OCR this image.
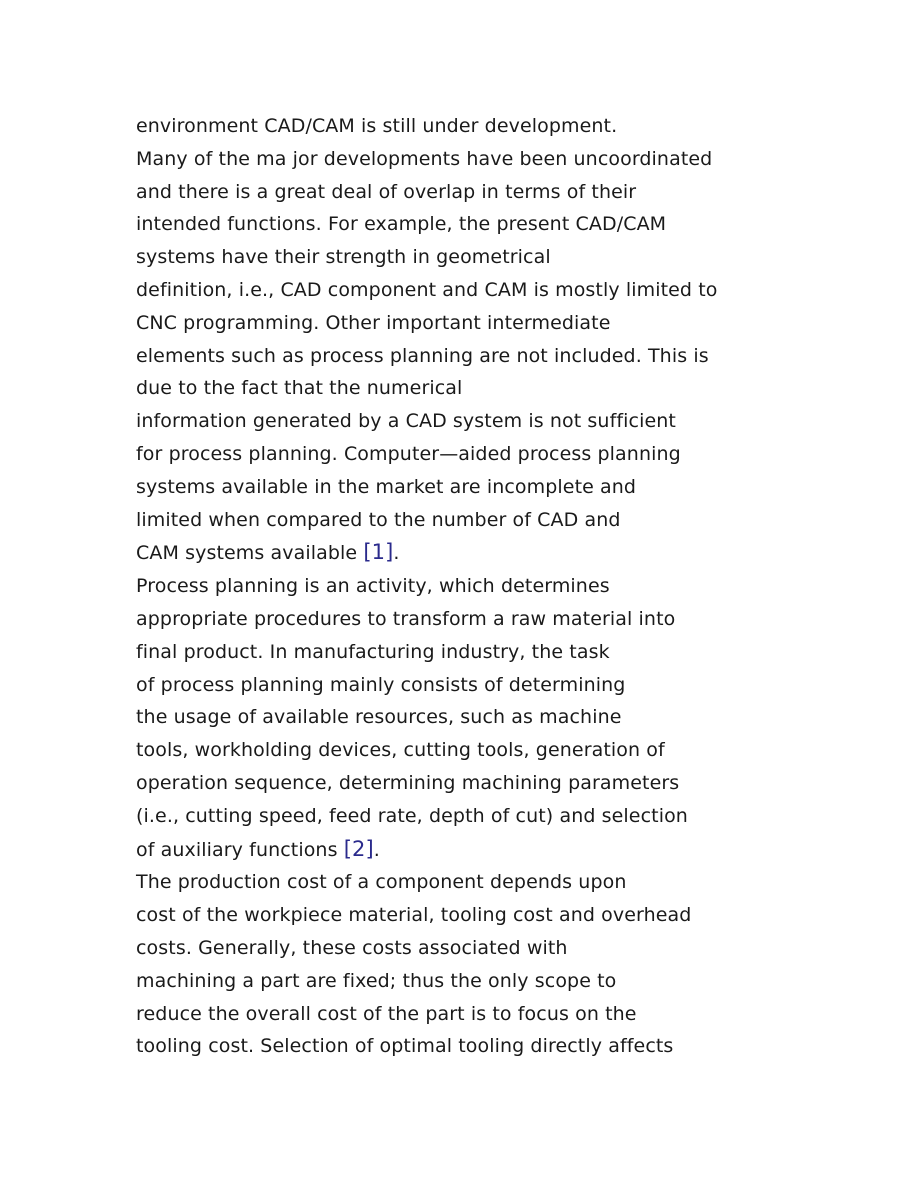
environment CAD/CAM is still under development.
Many of the ma jor developments have been uncoordinated
and there is a great deal of overlap in terms of their
intended functions. For example, the present CAD/CAM
systems have their strength in geometrical
definition, i.e., CAD component and CAM is mostly limited to
CNC programming. Other important intermediate
elements such as process planning are not included. This is
due to the fact that the numerical
information generated by a CAD system is not sufficient
for process planning. Computer—aided process planning
systems available in the market are incomplete and
limited when compared to the number of CAD and
CAM systems available [1].
Process planning is an activity, which determines
appropriate procedures to transform a raw material into
final product. In manufacturing industry, the task
of process planning mainly consists of determining
the usage of available resources, such as machine
tools, workholding devices, cutting tools, generation of
operation sequence, determining machining parameters
(i.e., cutting speed, feed rate, depth of cut) and selection
of auxiliary functions [2].
The production cost of a component depends upon
cost of the workpiece material, tooling cost and overhead
costs. Generally, these costs associated with
machining a part are fixed; thus the only scope to
reduce the overall cost of the part is to focus on the
tooling cost. Selection of optimal tooling directly affects
